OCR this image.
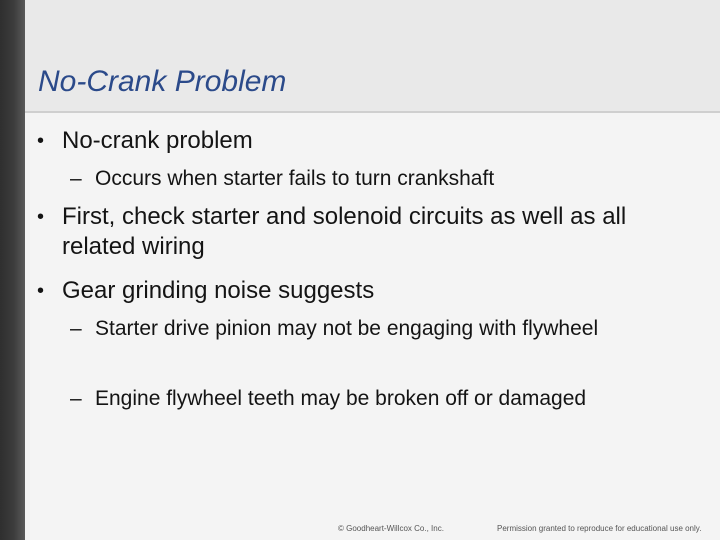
No-Crank Problem
• No-crank problem
– Occurs when starter fails to turn crankshaft
• First, check starter and solenoid circuits as well as all related wiring
• Gear grinding noise suggests
– Starter drive pinion may not be engaging with flywheel
– Engine flywheel teeth may be broken off or damaged
© Goodheart-Willcox Co., Inc.	Permission granted to reproduce for educational use only.
